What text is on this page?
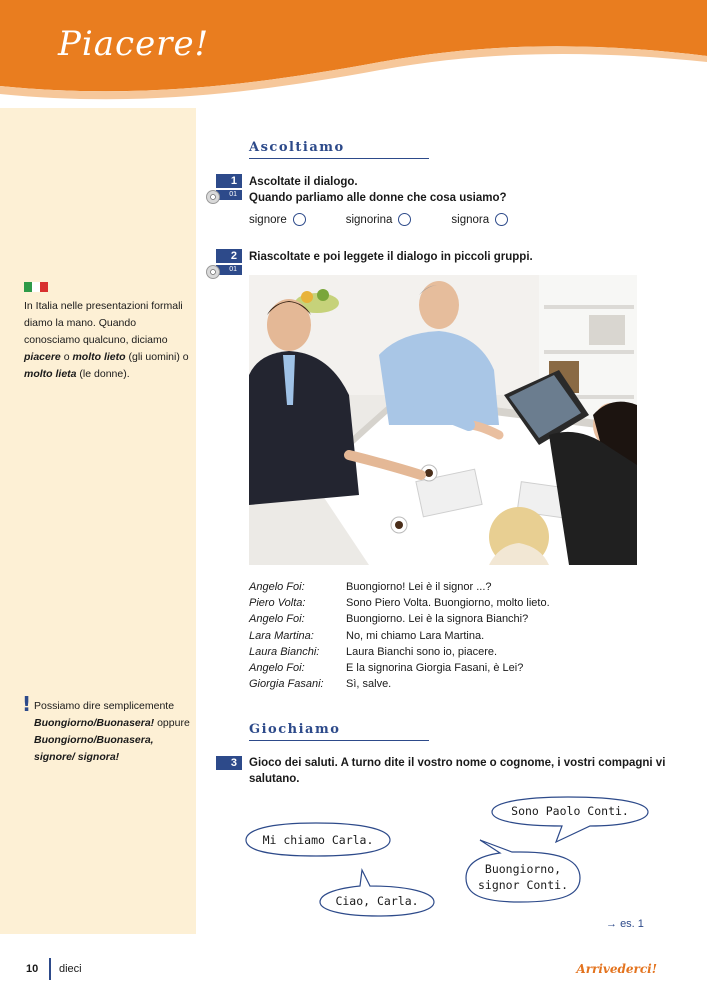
Piacere!
In Italia nelle presentazioni formali diamo la mano. Quando conosciamo qualcuno, diciamo piacere o molto lieto (gli uomini) o molto lieta (le donne).
! Possiamo dire semplicemente Buongiorno/Buonasera! oppure Buongiorno/Buonasera, signore/ signora!
Ascoltiamo
1
01
Ascoltate il dialogo.
Quando parliamo alle donne che cosa usiamo?
signore	signorina	signora
2
01
Riascoltate e poi leggete il dialogo in piccoli gruppi.
Angelo Foi:	Buongiorno! Lei è il signor ...?
Piero Volta:	Sono Piero Volta. Buongiorno, molto lieto.
Angelo Foi:	Buongiorno. Lei è la signora Bianchi?
Lara Martina:	No, mi chiamo Lara Martina.
Laura Bianchi:	Laura Bianchi sono io, piacere.
Angelo Foi:	E la signorina Giorgia Fasani, è Lei?
Giorgia Fasani:	Sì, salve.
Giochiamo
3	Gioco dei saluti. A turno dite il vostro nome o cognome, i vostri compagni vi
salutano.
Sono Paolo Conti.
Mi chiamo Carla.
Buongiorno,
signor Conti.
Ciao, Carla.
→ es. 1
10 dieci	Arrivederci!
